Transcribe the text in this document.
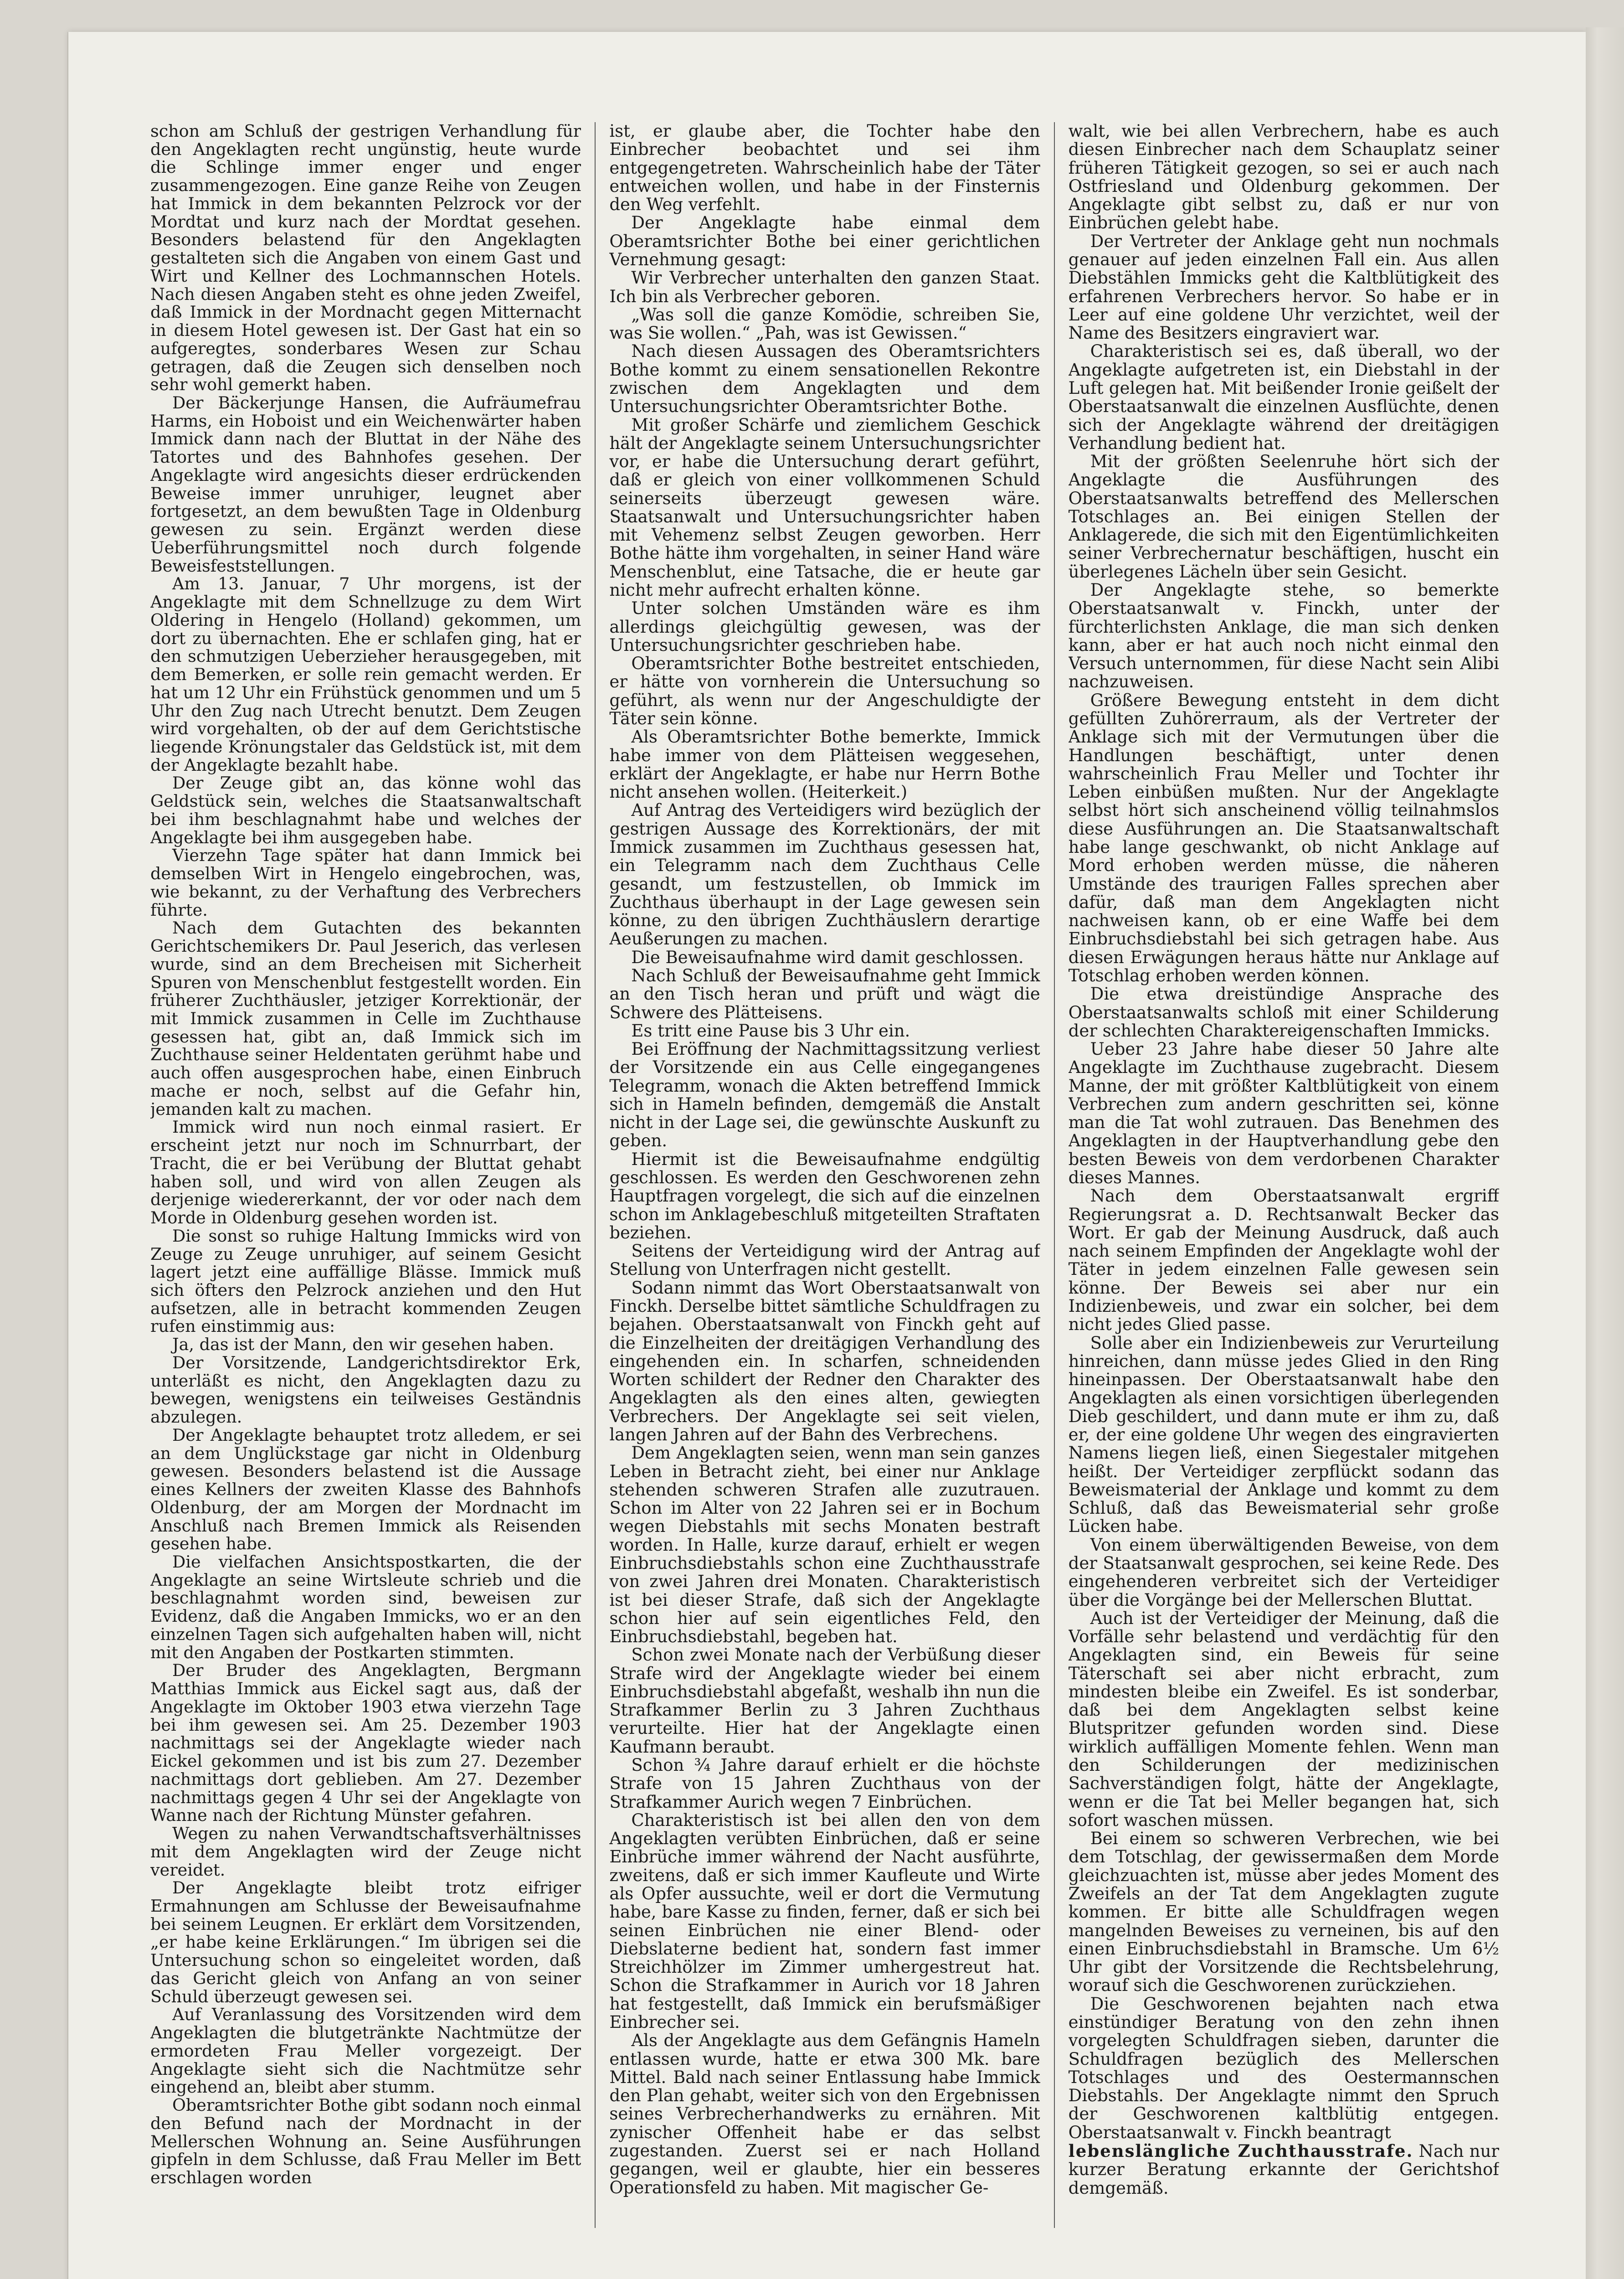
schon am Schluß der gestrigen Verhandlung für den Angeklagten recht ungünstig, heute wurde die Schlinge immer enger und enger zusammengezogen. Eine ganze Reihe von Zeugen hat Immick in dem bekannten Pelzrock vor der Mordtat und kurz nach der Mordtat gesehen. Besonders belastend für den Angeklagten gestalteten sich die Angaben von einem Gast und Wirt und Kellner des Lochmannschen Hotels. Nach diesen Angaben steht es ohne jeden Zweifel, daß Immick in der Mordnacht gegen Mitternacht in diesem Hotel gewesen ist. Der Gast hat ein so aufgeregtes, sonderbares Wesen zur Schau getragen, daß die Zeugen sich denselben noch sehr wohl gemerkt haben.

Der Bäckerjunge Hansen, die Aufräumefrau Harms, ein Hoboist und ein Weichenwärter haben Immick dann nach der Bluttat in der Nähe des Tatortes und des Bahnhofes gesehen. Der Angeklagte wird angesichts dieser erdrückenden Beweise immer unruhiger, leugnet aber fortgesetzt, an dem bewußten Tage in Oldenburg gewesen zu sein. Ergänzt werden diese Ueberführungsmittel noch durch folgende Beweisfeststellungen.

Am 13. Januar, 7 Uhr morgens, ist der Angeklagte mit dem Schnellzuge zu dem Wirt Oldering in Hengelo (Holland) gekommen, um dort zu übernachten. Ehe er schlafen ging, hat er den schmutzigen Ueberzieher herausgegeben, mit dem Bemerken, er solle rein gemacht werden. Er hat um 12 Uhr ein Frühstück genommen und um 5 Uhr den Zug nach Utrecht benutzt. Dem Zeugen wird vorgehalten, ob der auf dem Gerichtstische liegende Krönungstaler das Geldstück ist, mit dem der Angeklagte bezahlt habe.

Der Zeuge gibt an, das könne wohl das Geldstück sein, welches die Staatsanwaltschaft bei ihm beschlagnahmt habe und welches der Angeklagte bei ihm ausgegeben habe.

Vierzehn Tage später hat dann Immick bei demselben Wirt in Hengelo eingebrochen, was, wie bekannt, zu der Verhaftung des Verbrechers führte.

Nach dem Gutachten des bekannten Gerichtschemikers Dr. Paul Jeserich, das verlesen wurde, sind an dem Brecheisen mit Sicherheit Spuren von Menschenblut festgestellt worden. Ein früherer Zuchthäusler, jetziger Korrektionär, der mit Immick zusammen in Celle im Zuchthause gesessen hat, gibt an, daß Immick sich im Zuchthause seiner Heldentaten gerühmt habe und auch offen ausgesprochen habe, einen Einbruch mache er noch, selbst auf die Gefahr hin, jemanden kalt zu machen.

Immick wird nun noch einmal rasiert. Er erscheint jetzt nur noch im Schnurrbart, der Tracht, die er bei Verübung der Bluttat gehabt haben soll, und wird von allen Zeugen als derjenige wiedererkannt, der vor oder nach dem Morde in Oldenburg gesehen worden ist.

Die sonst so ruhige Haltung Immicks wird von Zeuge zu Zeuge unruhiger, auf seinem Gesicht lagert jetzt eine auffällige Blässe. Immick muß sich öfters den Pelzrock anziehen und den Hut aufsetzen, alle in betracht kommenden Zeugen rufen einstimmig aus:

Ja, das ist der Mann, den wir gesehen haben.

Der Vorsitzende, Landgerichtsdirektor Erk, unterläßt es nicht, den Angeklagten dazu zu bewegen, wenigstens ein teilweises Geständnis abzulegen.

Der Angeklagte behauptet trotz alledem, er sei an dem Unglückstage gar nicht in Oldenburg gewesen. Besonders belastend ist die Aussage eines Kellners der zweiten Klasse des Bahnhofs Oldenburg, der am Morgen der Mordnacht im Anschluß nach Bremen Immick als Reisenden gesehen habe.

Die vielfachen Ansichtspostkarten, die der Angeklagte an seine Wirtsleute schrieb und die beschlagnahmt worden sind, beweisen zur Evidenz, daß die Angaben Immicks, wo er an den einzelnen Tagen sich aufgehalten haben will, nicht mit den Angaben der Postkarten stimmten.

Der Bruder des Angeklagten, Bergmann Matthias Immick aus Eickel sagt aus, daß der Angeklagte im Oktober 1903 etwa vierzehn Tage bei ihm gewesen sei. Am 25. Dezember 1903 nachmittags sei der Angeklagte wieder nach Eickel gekommen und ist bis zum 27. Dezember nachmittags dort geblieben. Am 27. Dezember nachmittags gegen 4 Uhr sei der Angeklagte von Wanne nach der Richtung Münster gefahren.

Wegen zu nahen Verwandtschaftsverhältnisses mit dem Angeklagten wird der Zeuge nicht vereidet.

Der Angeklagte bleibt trotz eifriger Ermahnungen am Schlusse der Beweisaufnahme bei seinem Leugnen. Er erklärt dem Vorsitzenden, „er habe keine Erklärungen.“ Im übrigen sei die Untersuchung schon so eingeleitet worden, daß das Gericht gleich von Anfang an von seiner Schuld überzeugt gewesen sei.

Auf Veranlassung des Vorsitzenden wird dem Angeklagten die blutgetränkte Nachtmütze der ermordeten Frau Meller vorgezeigt. Der Angeklagte sieht sich die Nachtmütze sehr eingehend an, bleibt aber stumm.

Oberamtsrichter Bothe gibt sodann noch einmal den Befund nach der Mordnacht in der Mellerschen Wohnung an. Seine Ausführungen gipfeln in dem Schlusse, daß Frau Meller im Bett erschlagen worden

ist, er glaube aber, die Tochter habe den Einbrecher beobachtet und sei ihm entgegengetreten. Wahrscheinlich habe der Täter entweichen wollen, und habe in der Finsternis den Weg verfehlt.

Der Angeklagte habe einmal dem Oberamtsrichter Bothe bei einer gerichtlichen Vernehmung gesagt:

Wir Verbrecher unterhalten den ganzen Staat. Ich bin als Verbrecher geboren.

„Was soll die ganze Komödie, schreiben Sie, was Sie wollen.“ „Pah, was ist Gewissen.“

Nach diesen Aussagen des Oberamtsrichters Bothe kommt zu einem sensationellen Rekontre zwischen dem Angeklagten und dem Untersuchungsrichter Oberamtsrichter Bothe.

Mit großer Schärfe und ziemlichem Geschick hält der Angeklagte seinem Untersuchungsrichter vor, er habe die Untersuchung derart geführt, daß er gleich von einer vollkommenen Schuld seinerseits überzeugt gewesen wäre. Staatsanwalt und Untersuchungsrichter haben mit Vehemenz selbst Zeugen geworben. Herr Bothe hätte ihm vorgehalten, in seiner Hand wäre Menschenblut, eine Tatsache, die er heute gar nicht mehr aufrecht erhalten könne.

Unter solchen Umständen wäre es ihm allerdings gleichgültig gewesen, was der Untersuchungsrichter geschrieben habe.

Oberamtsrichter Bothe bestreitet entschieden, er hätte von vornherein die Untersuchung so geführt, als wenn nur der Angeschuldigte der Täter sein könne.

Als Oberamtsrichter Bothe bemerkte, Immick habe immer von dem Plätteisen weggesehen, erklärt der Angeklagte, er habe nur Herrn Bothe nicht ansehen wollen. (Heiterkeit.)

Auf Antrag des Verteidigers wird bezüglich der gestrigen Aussage des Korrektionärs, der mit Immick zusammen im Zuchthaus gesessen hat, ein Telegramm nach dem Zuchthaus Celle gesandt, um festzustellen, ob Immick im Zuchthaus überhaupt in der Lage gewesen sein könne, zu den übrigen Zuchthäuslern derartige Aeußerungen zu machen.

Die Beweisaufnahme wird damit geschlossen.

Nach Schluß der Beweisaufnahme geht Immick an den Tisch heran und prüft und wägt die Schwere des Plätteisens.

Es tritt eine Pause bis 3 Uhr ein.

Bei Eröffnung der Nachmittagssitzung verliest der Vorsitzende ein aus Celle eingegangenes Telegramm, wonach die Akten betreffend Immick sich in Hameln befinden, demgemäß die Anstalt nicht in der Lage sei, die gewünschte Auskunft zu geben.

Hiermit ist die Beweisaufnahme endgültig geschlossen. Es werden den Geschworenen zehn Hauptfragen vorgelegt, die sich auf die einzelnen schon im Anklagebeschluß mitgeteilten Straftaten beziehen.

Seitens der Verteidigung wird der Antrag auf Stellung von Unterfragen nicht gestellt.

Sodann nimmt das Wort Oberstaatsanwalt von Finckh. Derselbe bittet sämtliche Schuldfragen zu bejahen. Oberstaatsanwalt von Finckh geht auf die Einzelheiten der dreitägigen Verhandlung des eingehenden ein. In scharfen, schneidenden Worten schildert der Redner den Charakter des Angeklagten als den eines alten, gewiegten Verbrechers. Der Angeklagte sei seit vielen, langen Jahren auf der Bahn des Verbrechens.

Dem Angeklagten seien, wenn man sein ganzes Leben in Betracht zieht, bei einer nur Anklage stehenden schweren Strafen alle zuzutrauen. Schon im Alter von 22 Jahren sei er in Bochum wegen Diebstahls mit sechs Monaten bestraft worden. In Halle, kurze darauf, erhielt er wegen Einbruchsdiebstahls schon eine Zuchthausstrafe von zwei Jahren drei Monaten. Charakteristisch ist bei dieser Strafe, daß sich der Angeklagte schon hier auf sein eigentliches Feld, den Einbruchsdiebstahl, begeben hat.

Schon zwei Monate nach der Verbüßung dieser Strafe wird der Angeklagte wieder bei einem Einbruchsdiebstahl abgefaßt, weshalb ihn nun die Strafkammer Berlin zu 3 Jahren Zuchthaus verurteilte. Hier hat der Angeklagte einen Kaufmann beraubt.

Schon ¾ Jahre darauf erhielt er die höchste Strafe von 15 Jahren Zuchthaus von der Strafkammer Aurich wegen 7 Einbrüchen.

Charakteristisch ist bei allen den von dem Angeklagten verübten Einbrüchen, daß er seine Einbrüche immer während der Nacht ausführte, zweitens, daß er sich immer Kaufleute und Wirte als Opfer aussuchte, weil er dort die Vermutung habe, bare Kasse zu finden, ferner, daß er sich bei seinen Einbrüchen nie einer Blend- oder Diebslaterne bedient hat, sondern fast immer Streichhölzer im Zimmer umhergestreut hat. Schon die Strafkammer in Aurich vor 18 Jahren hat festgestellt, daß Immick ein berufsmäßiger Einbrecher sei.

Als der Angeklagte aus dem Gefängnis Hameln entlassen wurde, hatte er etwa 300 Mk. bare Mittel. Bald nach seiner Entlassung habe Immick den Plan gehabt, weiter sich von den Ergebnissen seines Verbrecherhandwerks zu ernähren. Mit zynischer Offenheit habe er das selbst zugestanden. Zuerst sei er nach Holland gegangen, weil er glaubte, hier ein besseres Operationsfeld zu haben. Mit magischer Ge-

walt, wie bei allen Verbrechern, habe es auch diesen Einbrecher nach dem Schauplatz seiner früheren Tätigkeit gezogen, so sei er auch nach Ostfriesland und Oldenburg gekommen. Der Angeklagte gibt selbst zu, daß er nur von Einbrüchen gelebt habe.

Der Vertreter der Anklage geht nun nochmals genauer auf jeden einzelnen Fall ein. Aus allen Diebstählen Immicks geht die Kaltblütigkeit des erfahrenen Verbrechers hervor. So habe er in Leer auf eine goldene Uhr verzichtet, weil der Name des Besitzers eingraviert war.

Charakteristisch sei es, daß überall, wo der Angeklagte aufgetreten ist, ein Diebstahl in der Luft gelegen hat. Mit beißender Ironie geißelt der Oberstaatsanwalt die einzelnen Ausflüchte, denen sich der Angeklagte während der dreitägigen Verhandlung bedient hat.

Mit der größten Seelenruhe hört sich der Angeklagte die Ausführungen des Oberstaatsanwalts betreffend des Mellerschen Totschlages an. Bei einigen Stellen der Anklagerede, die sich mit den Eigentümlichkeiten seiner Verbrechernatur beschäftigen, huscht ein überlegenes Lächeln über sein Gesicht.

Der Angeklagte stehe, so bemerkte Oberstaatsanwalt v. Finckh, unter der fürchterlichsten Anklage, die man sich denken kann, aber er hat auch noch nicht einmal den Versuch unternommen, für diese Nacht sein Alibi nachzuweisen.

Größere Bewegung entsteht in dem dicht gefüllten Zuhörerraum, als der Vertreter der Anklage sich mit der Vermutungen über die Handlungen beschäftigt, unter denen wahrscheinlich Frau Meller und Tochter ihr Leben einbüßen mußten. Nur der Angeklagte selbst hört sich anscheinend völlig teilnahmslos diese Ausführungen an. Die Staatsanwaltschaft habe lange geschwankt, ob nicht Anklage auf Mord erhoben werden müsse, die näheren Umstände des traurigen Falles sprechen aber dafür, daß man dem Angeklagten nicht nachweisen kann, ob er eine Waffe bei dem Einbruchsdiebstahl bei sich getragen habe. Aus diesen Erwägungen heraus hätte nur Anklage auf Totschlag erhoben werden können.

Die etwa dreistündige Ansprache des Oberstaatsanwalts schloß mit einer Schilderung der schlechten Charaktereigenschaften Immicks.

Ueber 23 Jahre habe dieser 50 Jahre alte Angeklagte im Zuchthause zugebracht. Diesem Manne, der mit größter Kaltblütigkeit von einem Verbrechen zum andern geschritten sei, könne man die Tat wohl zutrauen. Das Benehmen des Angeklagten in der Hauptverhandlung gebe den besten Beweis von dem verdorbenen Charakter dieses Mannes.

Nach dem Oberstaatsanwalt ergriff Regierungsrat a. D. Rechtsanwalt Becker das Wort. Er gab der Meinung Ausdruck, daß auch nach seinem Empfinden der Angeklagte wohl der Täter in jedem einzelnen Falle gewesen sein könne. Der Beweis sei aber nur ein Indizienbeweis, und zwar ein solcher, bei dem nicht jedes Glied passe.

Solle aber ein Indizienbeweis zur Verurteilung hinreichen, dann müsse jedes Glied in den Ring hineinpassen. Der Oberstaatsanwalt habe den Angeklagten als einen vorsichtigen überlegenden Dieb geschildert, und dann mute er ihm zu, daß er, der eine goldene Uhr wegen des eingravierten Namens liegen ließ, einen Siegestaler mitgehen heißt. Der Verteidiger zerpflückt sodann das Beweismaterial der Anklage und kommt zu dem Schluß, daß das Beweismaterial sehr große Lücken habe.

Von einem überwältigenden Beweise, von dem der Staatsanwalt gesprochen, sei keine Rede. Des eingehenderen verbreitet sich der Verteidiger über die Vorgänge bei der Mellerschen Bluttat.

Auch ist der Verteidiger der Meinung, daß die Vorfälle sehr belastend und verdächtig für den Angeklagten sind, ein Beweis für seine Täterschaft sei aber nicht erbracht, zum mindesten bleibe ein Zweifel. Es ist sonderbar, daß bei dem Angeklagten selbst keine Blutspritzer gefunden worden sind. Diese wirklich auffälligen Momente fehlen. Wenn man den Schilderungen der medizinischen Sachverständigen folgt, hätte der Angeklagte, wenn er die Tat bei Meller begangen hat, sich sofort waschen müssen.

Bei einem so schweren Verbrechen, wie bei dem Totschlag, der gewissermaßen dem Morde gleichzuachten ist, müsse aber jedes Moment des Zweifels an der Tat dem Angeklagten zugute kommen. Er bitte alle Schuldfragen wegen mangelnden Beweises zu verneinen, bis auf den einen Einbruchsdiebstahl in Bramsche. Um 6½ Uhr gibt der Vorsitzende die Rechtsbelehrung, worauf sich die Geschworenen zurückziehen.

Die Geschworenen bejahten nach etwa einstündiger Beratung von den zehn ihnen vorgelegten Schuldfragen sieben, darunter die Schuldfragen bezüglich des Mellerschen Totschlages und des Oestermannschen Diebstahls. Der Angeklagte nimmt den Spruch der Geschworenen kaltblütig entgegen. Oberstaatsanwalt v. Finckh beantragt

lebenslängliche Zuchthausstrafe. Nach nur kurzer Beratung erkannte der Gerichtshof demgemäß.
